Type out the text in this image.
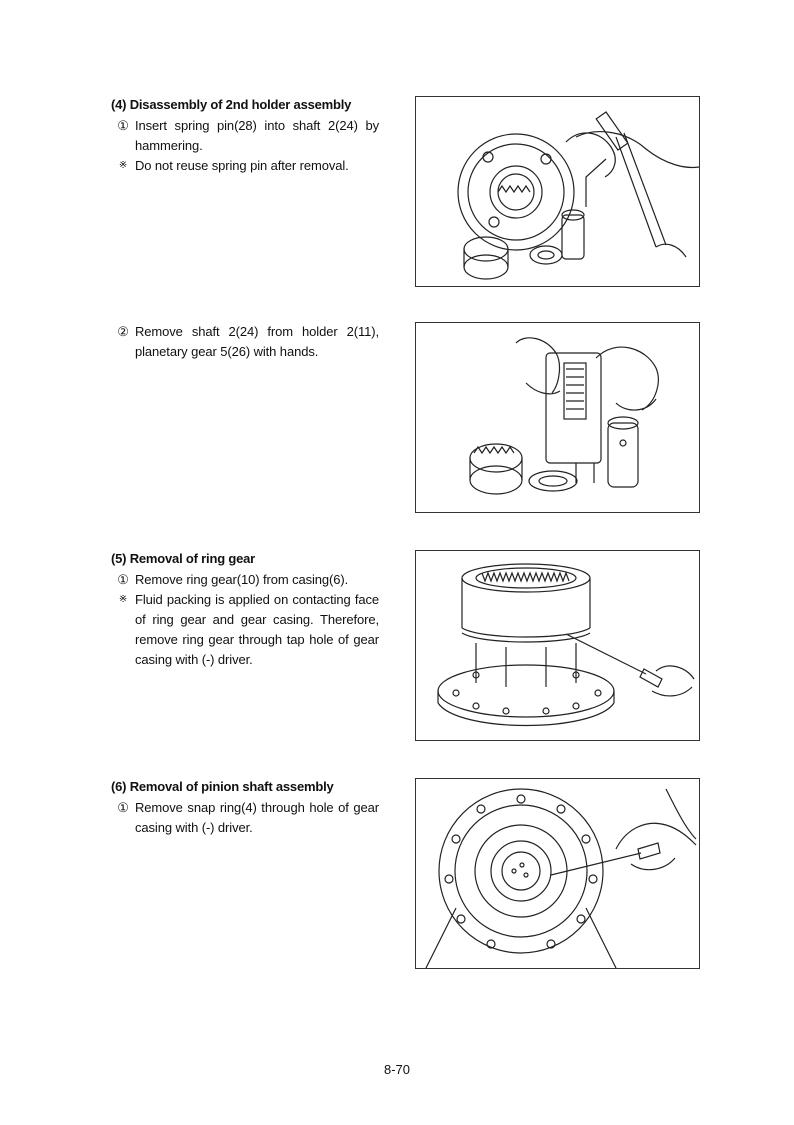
(4) Disassembly of 2nd holder assembly
① Insert spring pin(28) into shaft 2(24) by hammering.
※ Do not reuse spring pin after removal.
② Remove shaft 2(24) from holder 2(11), planetary gear 5(26) with hands.
(5) Removal of ring gear
① Remove ring gear(10) from casing(6).
※ Fluid packing is applied on contacting face of ring gear and gear casing. Therefore, remove ring gear through tap hole of gear casing with (-) driver.
(6) Removal of pinion shaft assembly
① Remove snap ring(4) through hole of gear casing with (-) driver.
8-70
